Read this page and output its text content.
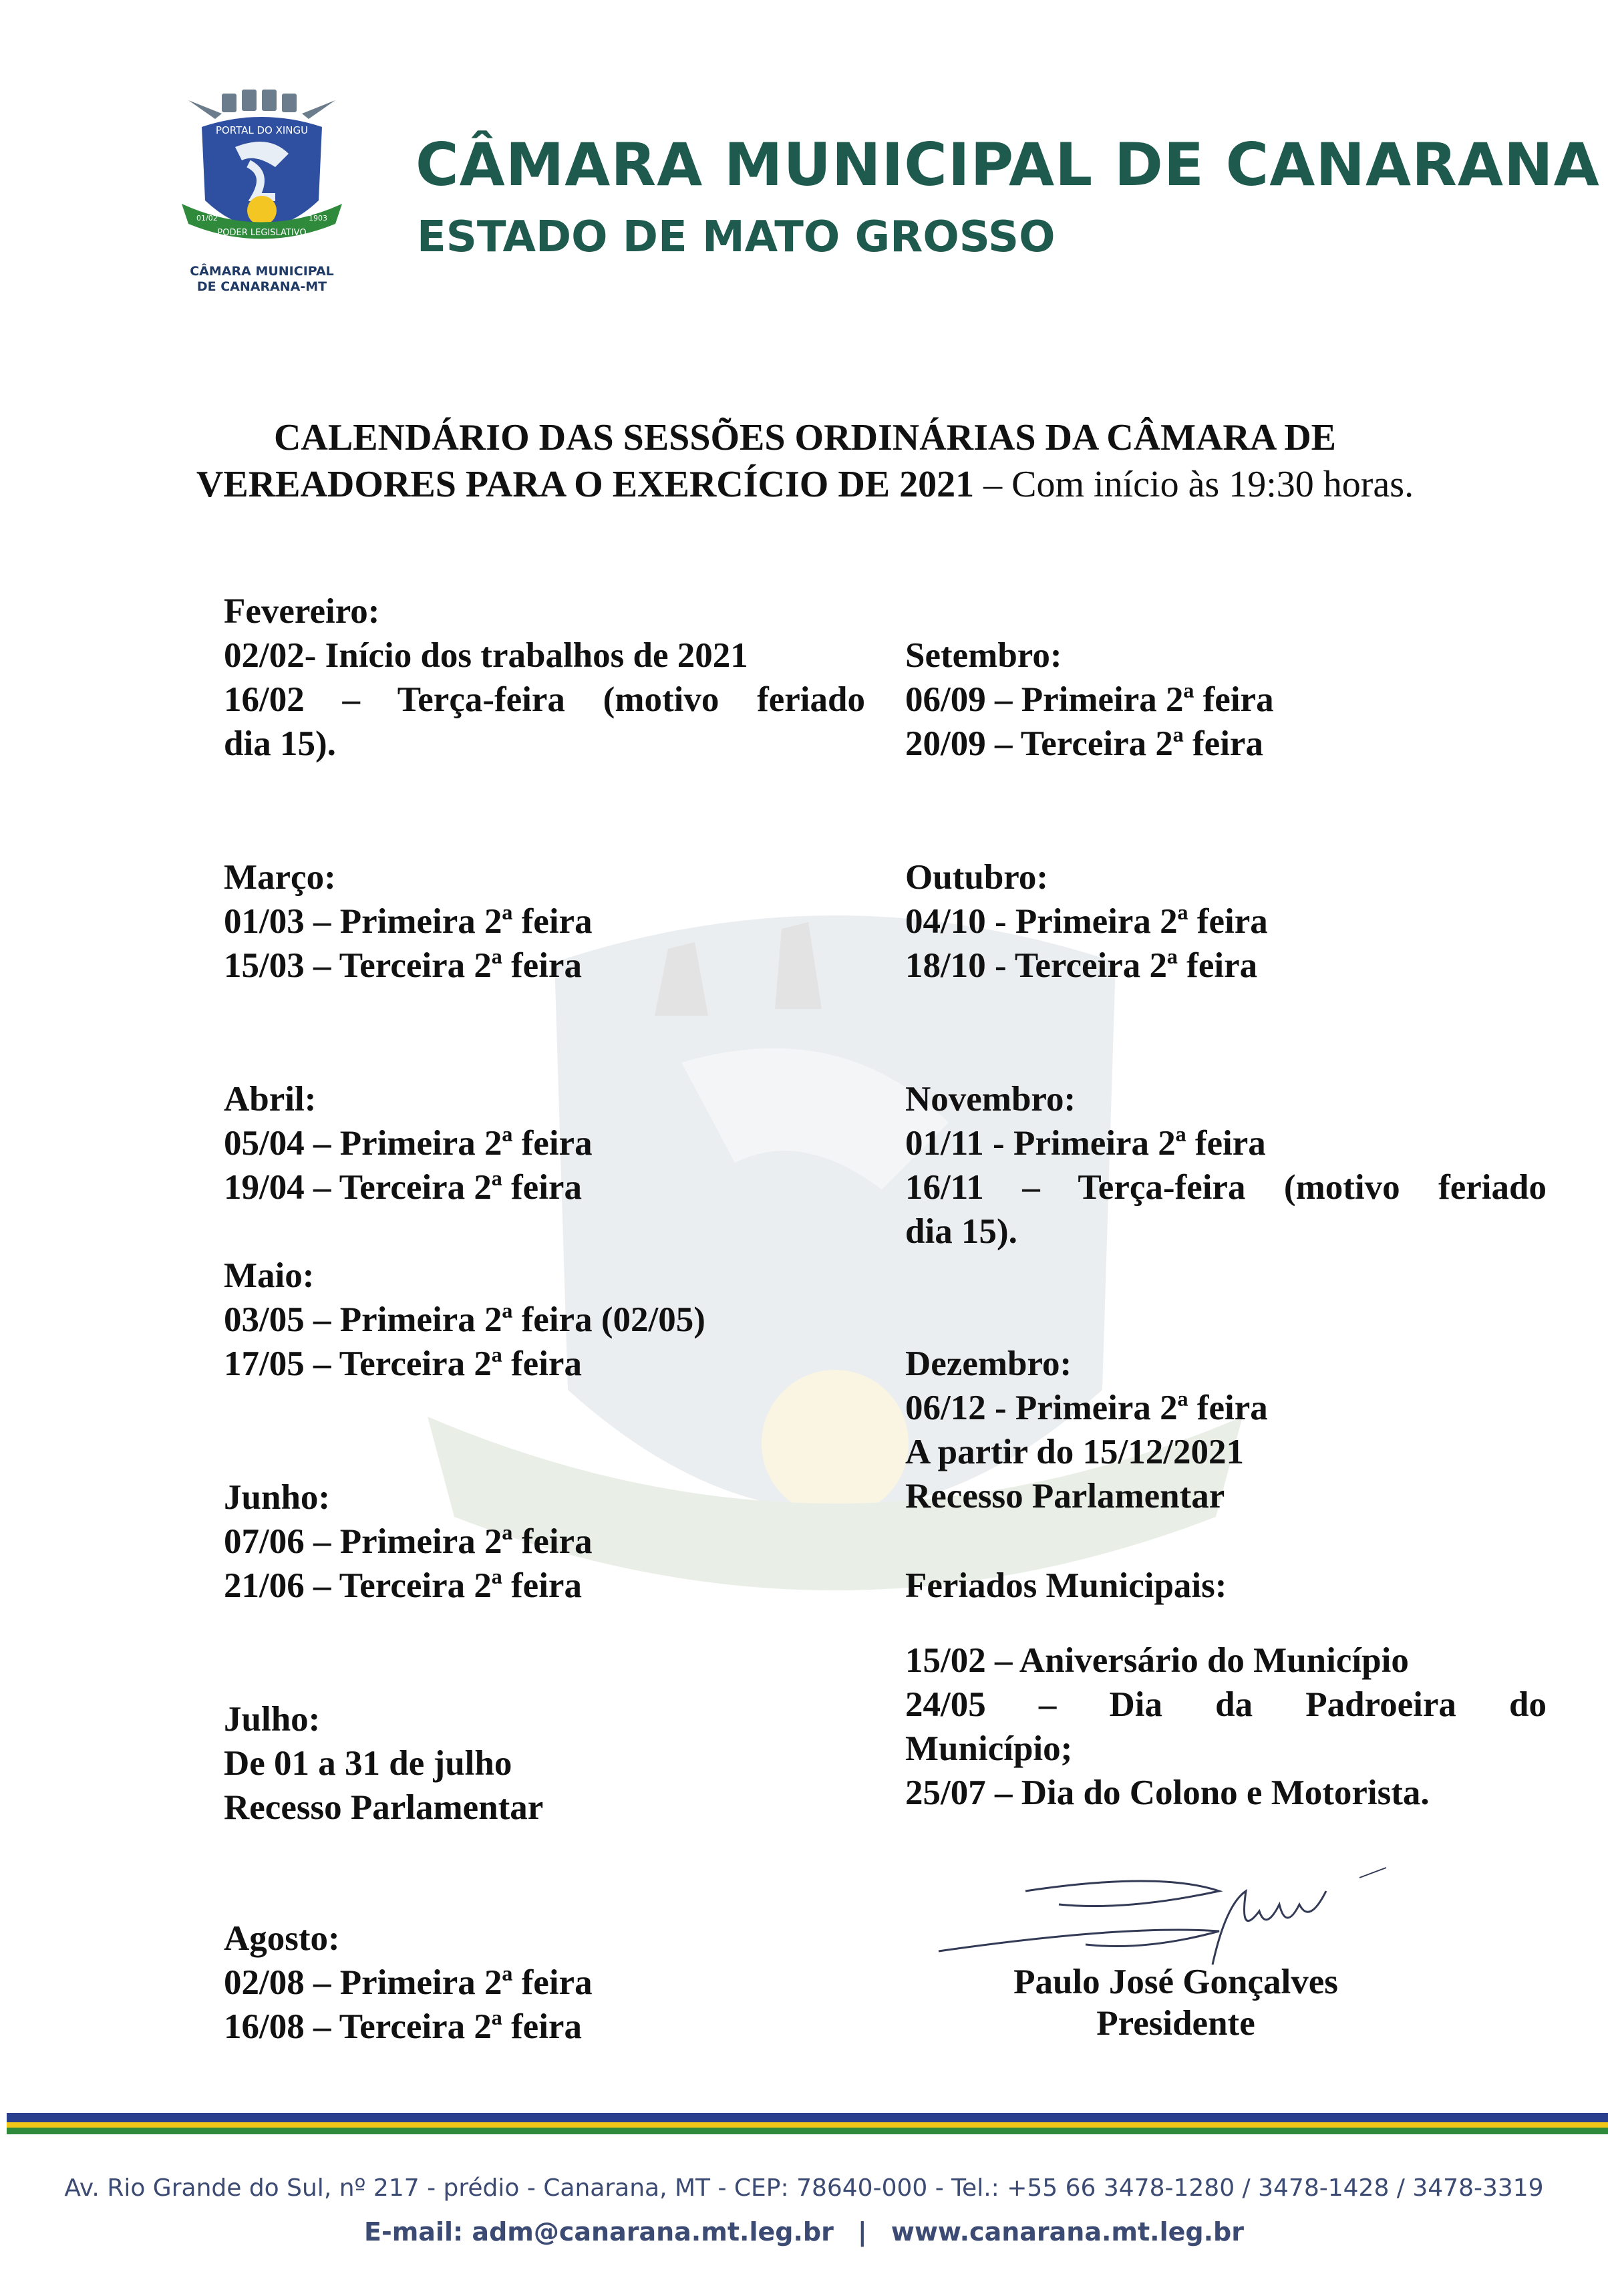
PORTAL DO XINGU
PODER LEGISLATIVO
01/02	1903
CÂMARA MUNICIPAL
DE CANARANA-MT
CÂMARA MUNICIPAL DE CANARANA
ESTADO DE MATO GROSSO

CALENDÁRIO DAS SESSÕES ORDINÁRIAS DA CÂMARA DE

VEREADORES PARA O EXERCÍCIO DE 2021 – Com início às 19:30 horas.

Fevereiro:

02/02- Início dos trabalhos de 2021

16/02 – Terça-feira (motivo feriado

dia 15).

Março:

01/03 – Primeira 2ª feira

15/03 – Terceira 2ª feira

Abril:

05/04 – Primeira 2ª feira

19/04 – Terceira 2ª feira

Maio:

03/05 – Primeira 2ª feira (02/05)

17/05 – Terceira 2ª feira

Junho:

07/06 – Primeira 2ª feira

21/06 – Terceira 2ª feira

Julho:

De 01 a 31 de julho

Recesso Parlamentar

Agosto:

02/08 – Primeira 2ª feira

16/08 – Terceira 2ª feira

Setembro:

06/09 – Primeira 2ª feira

20/09 – Terceira 2ª feira

Outubro:

04/10 - Primeira 2ª feira

18/10 - Terceira 2ª feira

Novembro:

01/11 - Primeira 2ª feira

16/11 – Terça-feira (motivo feriado

dia 15).

Dezembro:

06/12 - Primeira 2ª feira

A partir do 15/12/2021

Recesso Parlamentar

Feriados Municipais:

15/02 – Aniversário do Município

24/05 – Dia da Padroeira do

Município;

25/07 – Dia do Colono e Motorista.

Paulo José Gonçalves

Presidente

Av. Rio Grande do Sul, nº 217 - prédio - Canarana, MT - CEP: 78640-000 - Tel.: +55 66 3478-1280 / 3478-1428 / 3478-3319

E-mail: adm@canarana.mt.leg.br | www.canarana.mt.leg.br
